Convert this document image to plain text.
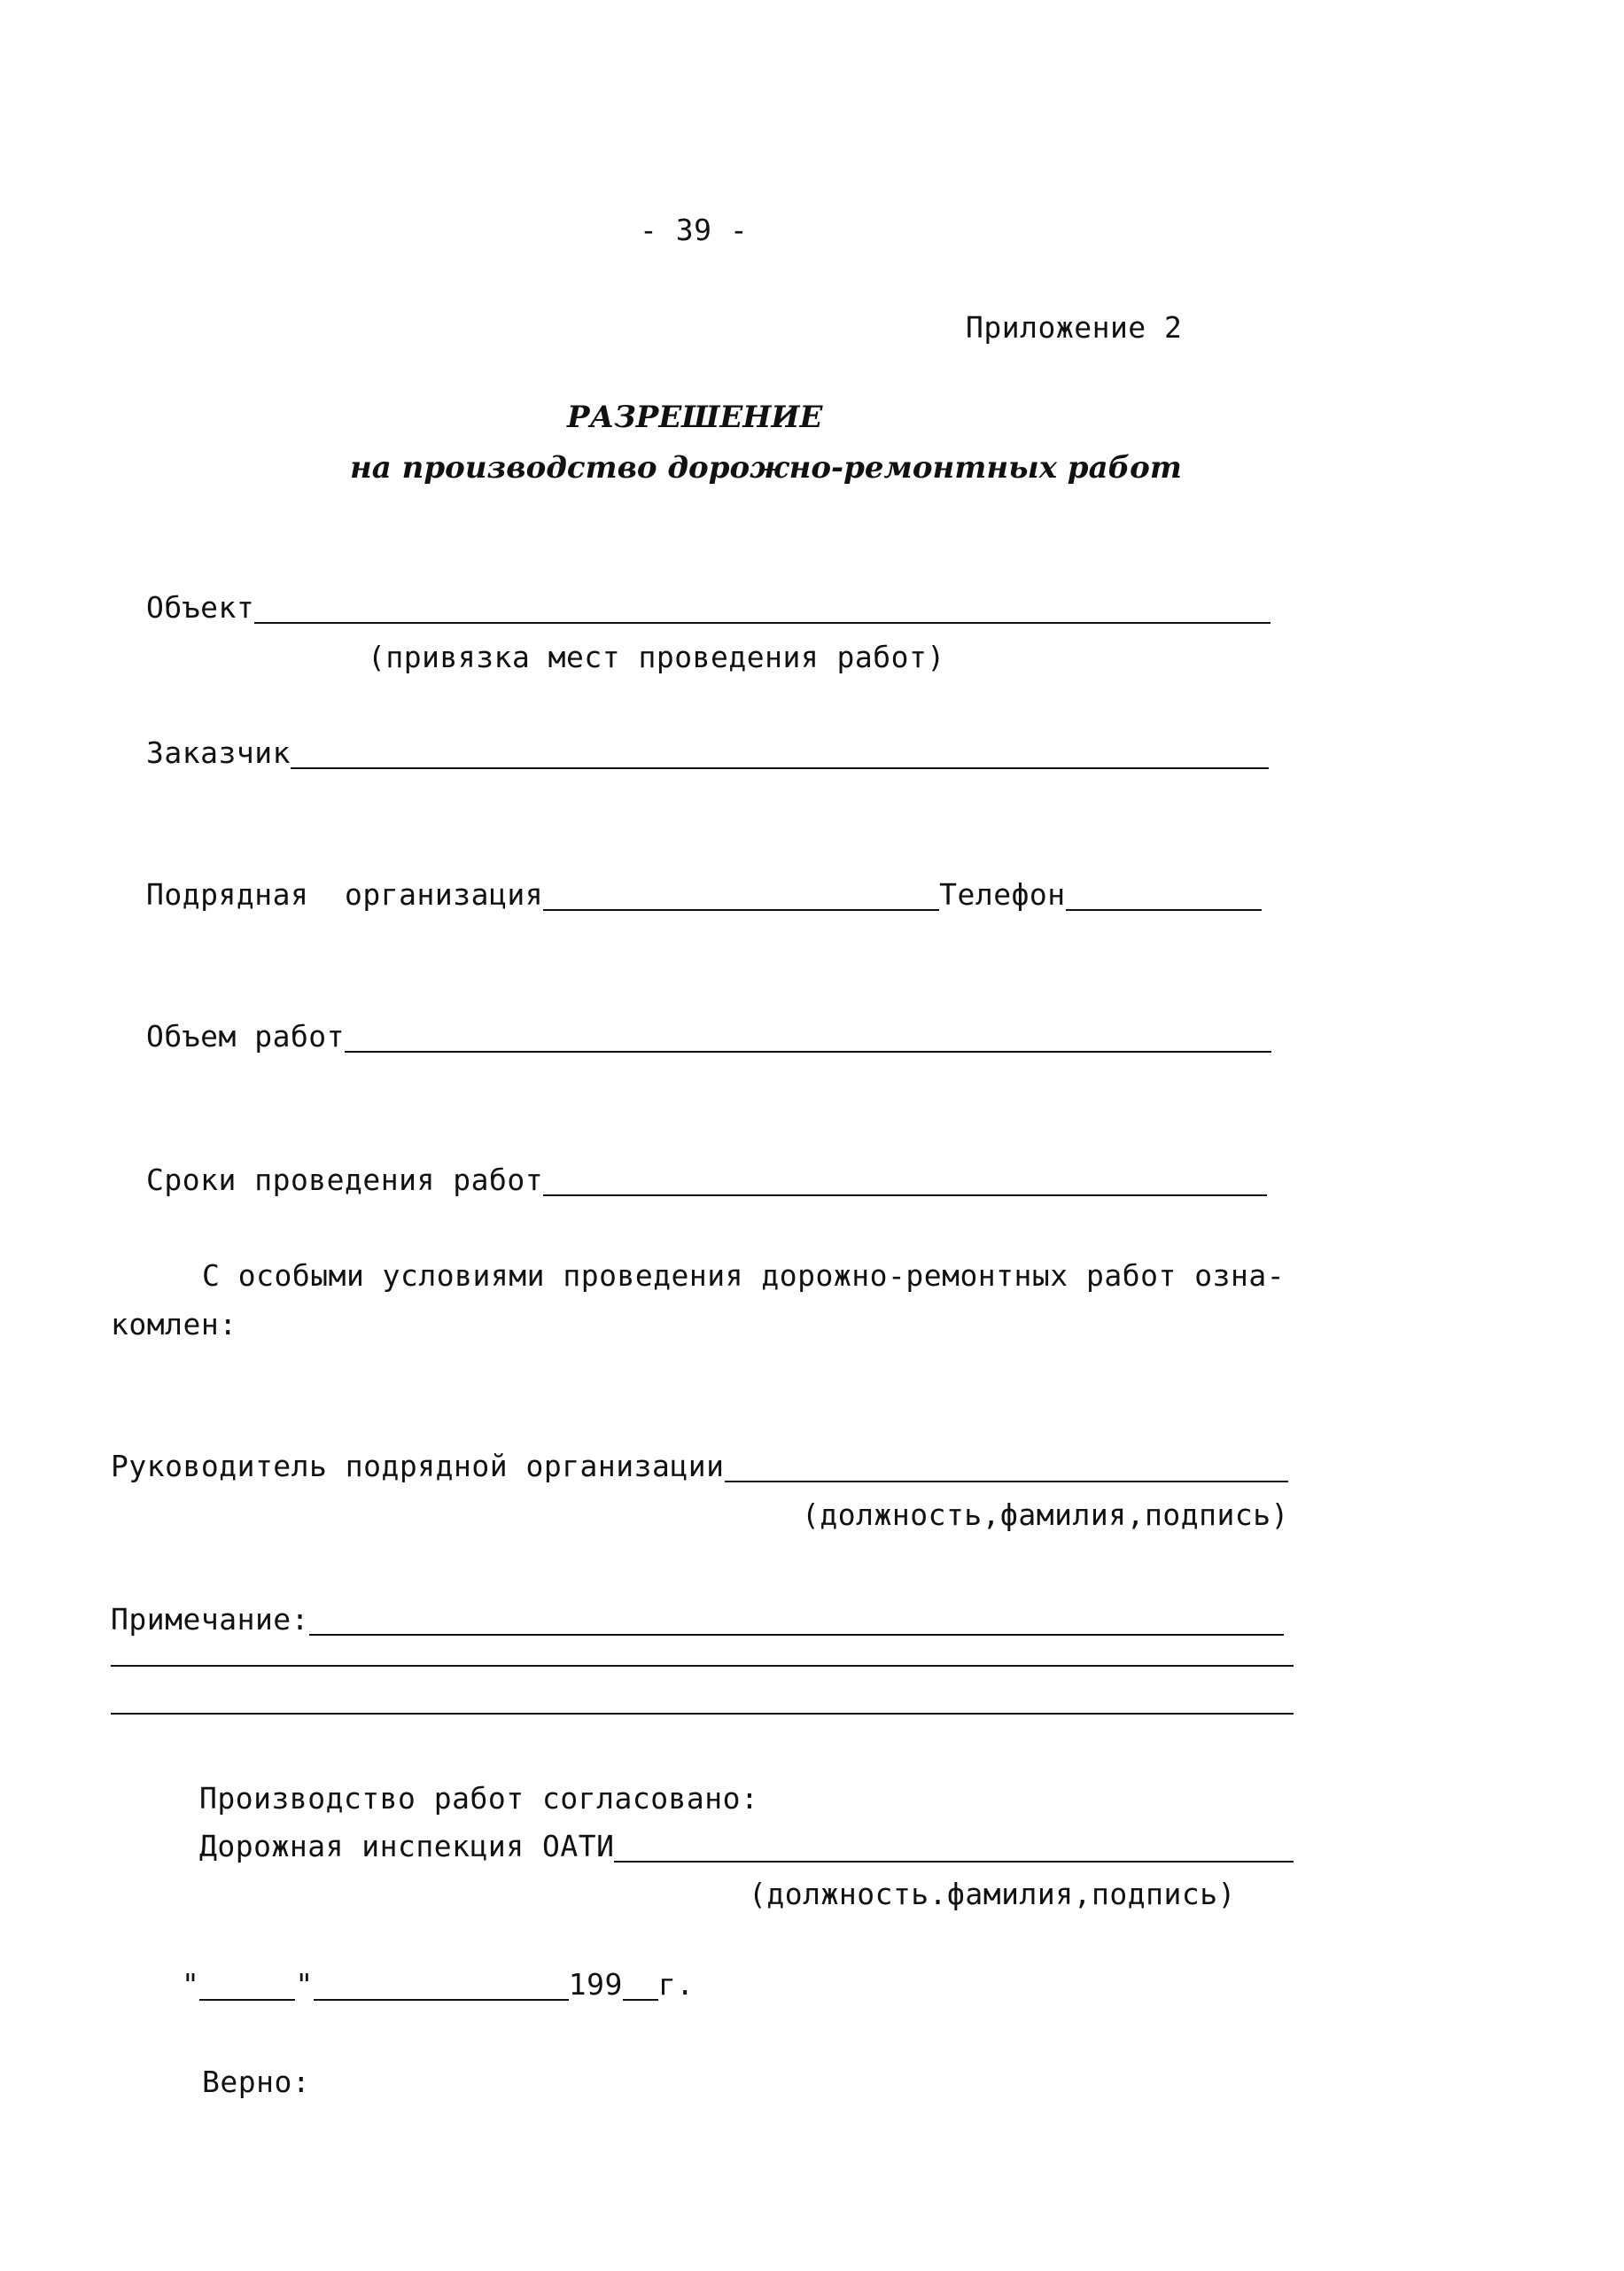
- 39 -
Приложение 2
РАЗРЕШЕНИЕ
на производство дорожно-ремонтных работ
Объект
(привязка мест проведения работ)
Заказчик
Подрядная  организация	Телефон
Объем работ
Сроки проведения работ
С особыми условиями проведения дорожно-ремонтных работ озна-
комлен:
Руководитель подрядной организации
(должность,фамилия,подпись)
Примечание:
Производство работ согласовано:
Дорожная инспекция ОАТИ
(должность.фамилия,подпись)
"	"	199 г.
Верно:
